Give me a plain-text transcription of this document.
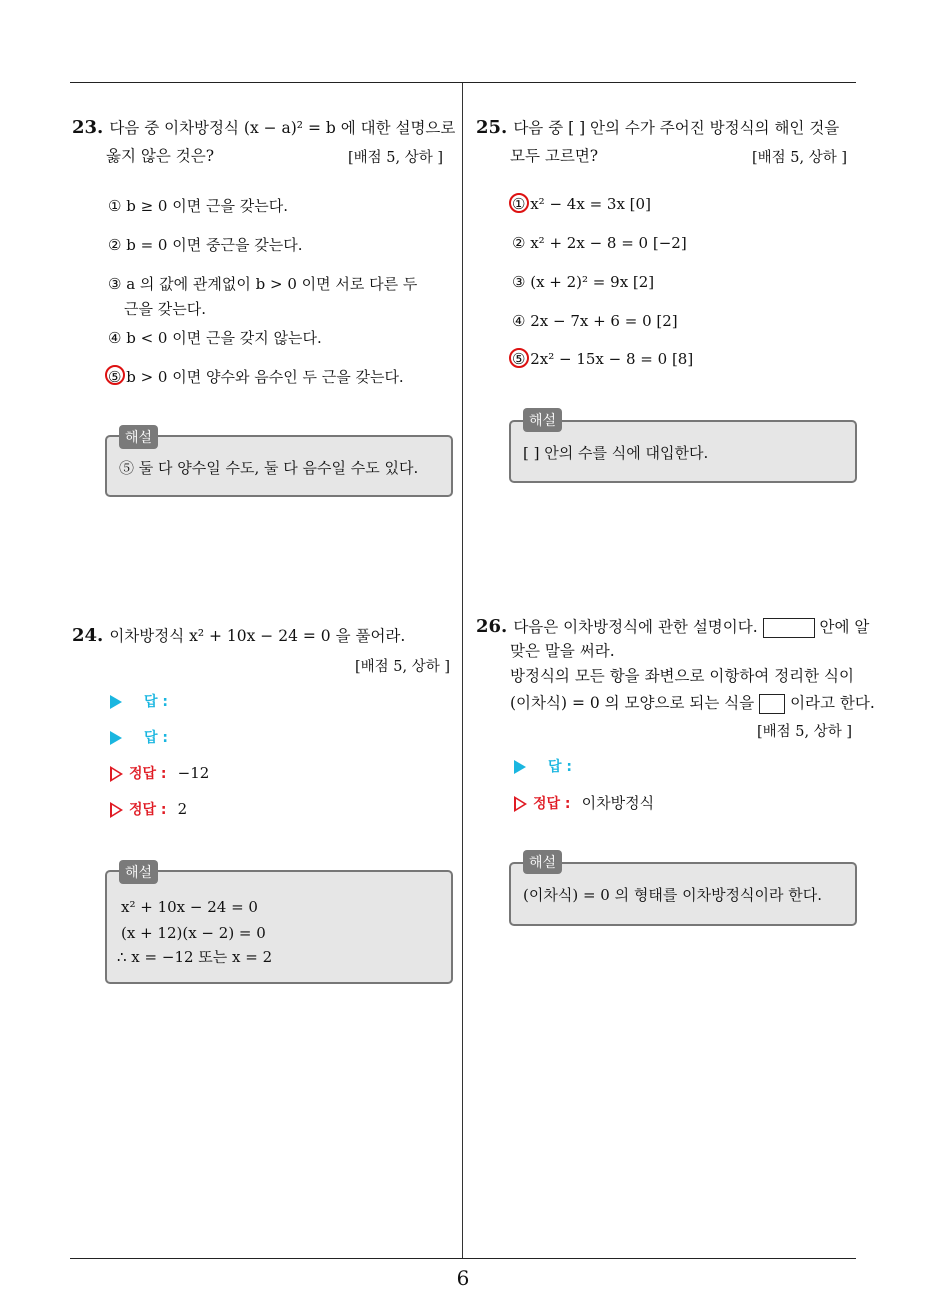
6
23. 다음 중 이차방정식 (x − a)² = b 에 대한 설명으로
옳지 않은 것은?	[배점 5, 상하 ]
① b ≥ 0 이면 근을 갖는다.
② b = 0 이면 중근을 갖는다.
③ a 의 값에 관계없이 b > 0 이면 서로 다른 두
근을 갖는다.
④ b < 0 이면 근을 갖지 않는다.
⑤ b > 0 이면 양수와 음수인 두 근을 갖는다.
⑤ 둘 다 양수일 수도, 둘 다 음수일 수도 있다.
해설
24. 이차방정식 x² + 10x − 24 = 0 을 풀어라.
[배점 5, 상하 ]
답 :
답 :
정답 : −12
정답 : 2
x² + 10x − 24 = 0
(x + 12)(x − 2) = 0
∴ x = −12 또는 x = 2
해설
25. 다음 중 [ ] 안의 수가 주어진 방정식의 해인 것을
모두 고르면?	[배점 5, 상하 ]
① x² − 4x = 3x [0]
② x² + 2x − 8 = 0 [−2]
③ (x + 2)² = 9x [2]
④ 2x − 7x + 6 = 0 [2]
⑤ 2x² − 15x − 8 = 0 [8]
[ ] 안의 수를 식에 대입한다.
해설
26. 다음은 이차방정식에 관한 설명이다.	안에 알
맞은 말을 써라.
방정식의 모든 항을 좌변으로 이항하여 정리한 식이
(이차식) = 0 의 모양으로 되는 식을 이라고 한다.
[배점 5, 상하 ]
답 :
정답 : 이차방정식
(이차식) = 0 의 형태를 이차방정식이라 한다.
해설
